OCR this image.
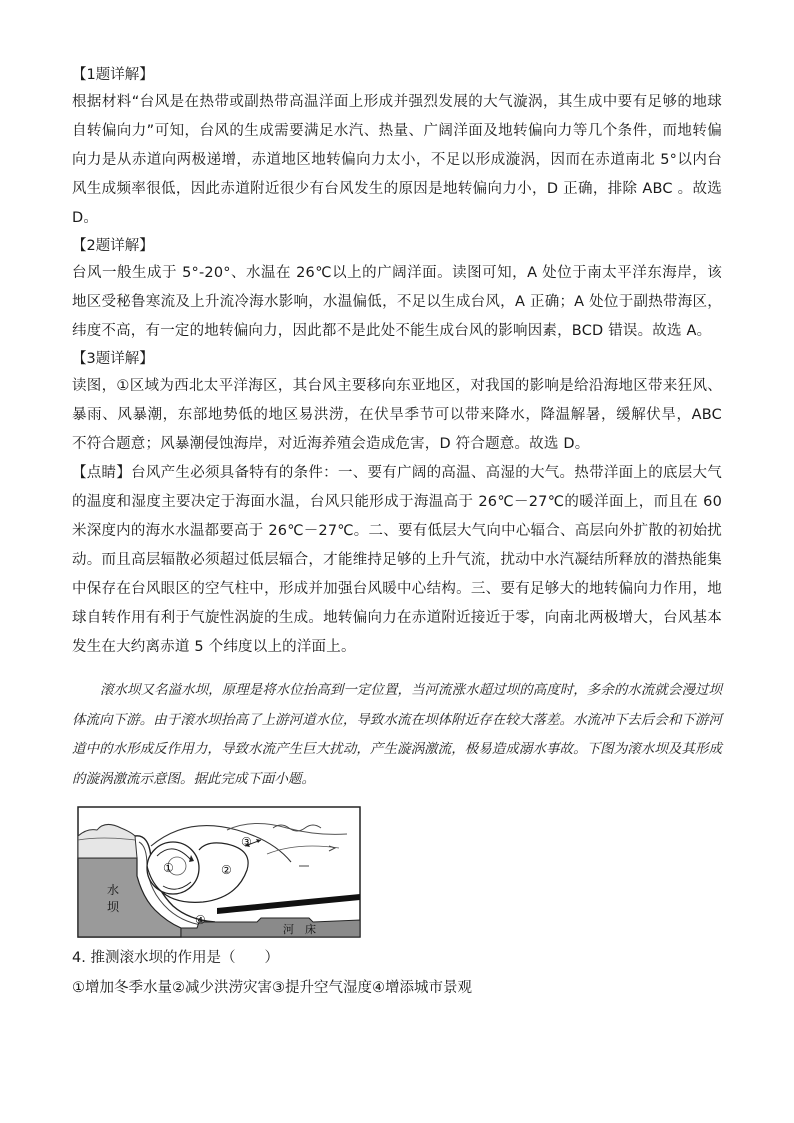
【1题详解】

根据材料“台风是在热带或副热带高温洋面上形成并强烈发展的大气漩涡，其生成中要有足够的地球自转偏向力”可知，台风的生成需要满足水汽、热量、广阔洋面及地转偏向力等几个条件，而地转偏向力是从赤道向两极递增，赤道地区地转偏向力太小，不足以形成漩涡，因而在赤道南北 5°以内台风生成频率很低，因此赤道附近很少有台风发生的原因是地转偏向力小，D 正确，排除 ABC 。故选 D。

【2题详解】

台风一般生成于 5°-20°、水温在 26℃以上的广阔洋面。读图可知，A 处位于南太平洋东海岸，该地区受秘鲁寒流及上升流冷海水影响，水温偏低，不足以生成台风，A 正确；A 处位于副热带海区，纬度不高，有一定的地转偏向力，因此都不是此处不能生成台风的影响因素，BCD 错误。故选 A。

【3题详解】

读图，①区域为西北太平洋海区，其台风主要移向东亚地区，对我国的影响是给沿海地区带来狂风、暴雨、风暴潮，东部地势低的地区易洪涝，在伏旱季节可以带来降水，降温解暑，缓解伏旱，ABC 不符合题意；风暴潮侵蚀海岸，对近海养殖会造成危害，D 符合题意。故选 D。

【点睛】台风产生必须具备特有的条件：一、要有广阔的高温、高湿的大气。热带洋面上的底层大气的温度和湿度主要决定于海面水温，台风只能形成于海温高于 26℃－27℃的暖洋面上，而且在 60 米深度内的海水水温都要高于 26℃－27℃。二、要有低层大气向中心辐合、高层向外扩散的初始扰动。而且高层辐散必须超过低层辐合，才能维持足够的上升气流，扰动中水汽凝结所释放的潜热能集中保存在台风眼区的空气柱中，形成并加强台风暖中心结构。三、要有足够大的地转偏向力作用，地球自转作用有利于气旋性涡旋的生成。地转偏向力在赤道附近接近于零，向南北两极增大，台风基本发生在大约离赤道 5 个纬度以上的洋面上。

滚水坝又名溢水坝，原理是将水位抬高到一定位置，当河流涨水超过坝的高度时，多余的水流就会漫过坝体流向下游。由于滚水坝抬高了上游河道水位，导致水流在坝体附近存在较大落差。水流冲下去后会和下游河道中的水形成反作用力，导致水流产生巨大扰动，产生漩涡激流，极易造成溺水事故。下图为滚水坝及其形成的漩涡激流示意图。据此完成下面小题。

①	②
③
④
水
坝
河　床

4. 推测滚水坝的作用是（　　）

①增加冬季水量②减少洪涝灾害③提升空气湿度④增添城市景观
